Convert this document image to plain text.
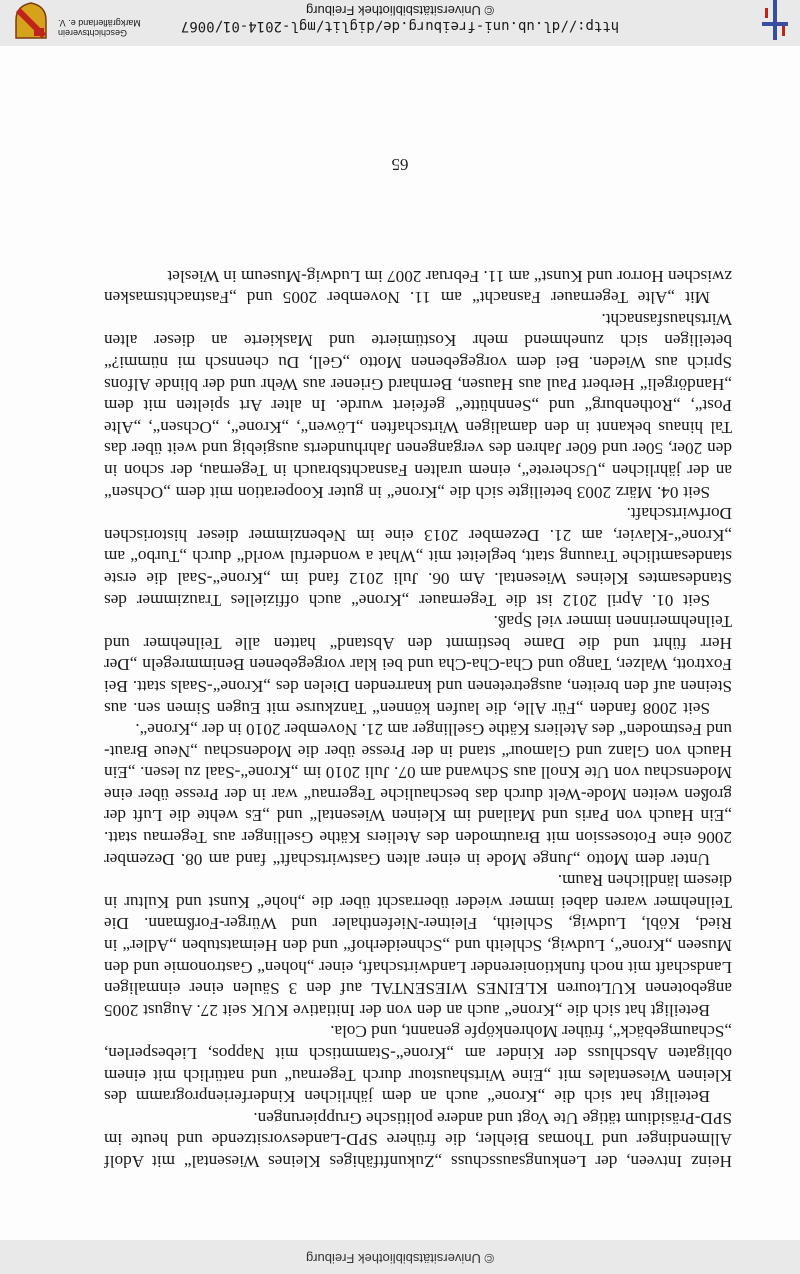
http://dl.ub.uni-freiburg.de/diglit/mgl-2014-01/0067
© Universitätsbibliothek Freiburg
Geschichtsverein
Markgräflerland e. V.

Heinz Intveen, der Lenkungsausschuss „Zukunftfähiges Kleines Wiesental“ mit Adolf Allmendinger und Thomas Biehler, die frühere SPD-Landesvorsitzende und heute im SPD-Präsidium tätige Ute Vogt und andere politische Gruppierungen.

Beteiligt hat sich die „Krone“ auch an dem jährlichen Kinderferienprogramm des Kleinen Wiesentales mit „Eine Wirtshaustour durch Tegernau“ und natürlich mit einem obligaten Abschluss der Kinder am „Krone“-Stammtisch mit Nappos, Liebesperlen, „Schaumgebäck“, früher Mohrenköpfe genannt, und Cola.

Beteiligt hat sich die „Krone“ auch an den von der Initiative KUK seit 27. August 2005 angebotenen KULtouren KLEINES WIESENTAL auf den 3 Säulen einer einmaligen Landschaft mit noch funktionierender Landwirtschaft, einer „hohen“ Gastronomie und den Museen „Krone“, Ludwig, Schleith und „Schneiderhof“ und den Heimatstuben „Adler“ in Ried, Köbl, Ludwig, Schleith, Fleitner-Niefenthaler und Würger-Forßmann. Die Teilnehmer waren dabei immer wieder überrascht über die „hohe“ Kunst und Kultur in diesem ländlichen Raum.

Unter dem Motto „Junge Mode in einer alten Gastwirtschaft“ fand am 08. Dezember 2006 eine Fotosession mit Brautmoden des Ateliers Käthe Gsellinger aus Tegernau statt. „Ein Hauch von Paris und Mailand im Kleinen Wiesental“ und „Es wehte die Luft der großen weiten Mode-Welt durch das beschauliche Tegernau“ war in der Presse über eine Modenschau von Ute Knoll aus Schwand am 07. Juli 2010 im „Krone“-Saal zu lesen. „Ein Hauch von Glanz und Glamour“ stand in der Presse über die Modenschau „Neue Braut- und Festmoden“ des Ateliers Käthe Gsellinger am 21. November 2010 in der „Krone“.

Seit 2008 fanden „Für Alle, die laufen können“ Tanzkurse mit Eugen Simen sen. aus Steinen auf den breiten, ausgetretenen und knarrenden Dielen des „Krone“-Saals statt. Bei Foxtrott, Walzer, Tango und Cha-Cha-Cha und bei klar vorgegebenen Benimmregeln „Der Herr führt und die Dame bestimmt den Abstand“ hatten alle Teilnehmer und Teilnehmerinnen immer viel Spaß.

Seit 01. April 2012 ist die Tegernauer „Krone“ auch offizielles Trauzimmer des Standesamtes Kleines Wiesental. Am 06. Juli 2012 fand im „Krone“-Saal die erste standesamtliche Trauung statt, begleitet mit „What a wonderful world“ durch „Turbo“ am „Krone“-Klavier, am 21. Dezember 2013 eine im Nebenzimmer dieser historischen Dorfwirtschaft.

Seit 04. März 2003 beteiligte sich die „Krone“ in guter Kooperation mit dem „Ochsen“ an der jährlichen „Uscherete“, einem uralten Fasnachtsbrauch in Tegernau, der schon in den 20er, 50er und 60er Jahren des vergangenen Jahrhunderts ausgiebig und weit über das Tal hinaus bekannt in den damaligen Wirtschaften „Löwen“, „Krone“, „Ochsen“, „Alte Post“, „Rothenburg“ und „Sennhütte“ gefeiert wurde. In alter Art spielten mit dem „Handörgeli“ Herbert Paul aus Hausen, Bernhard Griener aus Wehr und der blinde Alfons Sprich aus Wieden. Bei dem vorgegebenen Motto „Gell, Du chennsch mi nümmi?“ beteiligen sich zunehmend mehr Kostümierte und Maskierte an dieser alten Wirtshausfasnacht.

Mit „Alte Tegernauer Fasnacht“ am 11. November 2005 und „Fastnachtsmasken zwischen Horror und Kunst“ am 11. Februar 2007 im Ludwig-Museum in Wieslet

65
© Universitätsbibliothek Freiburg
